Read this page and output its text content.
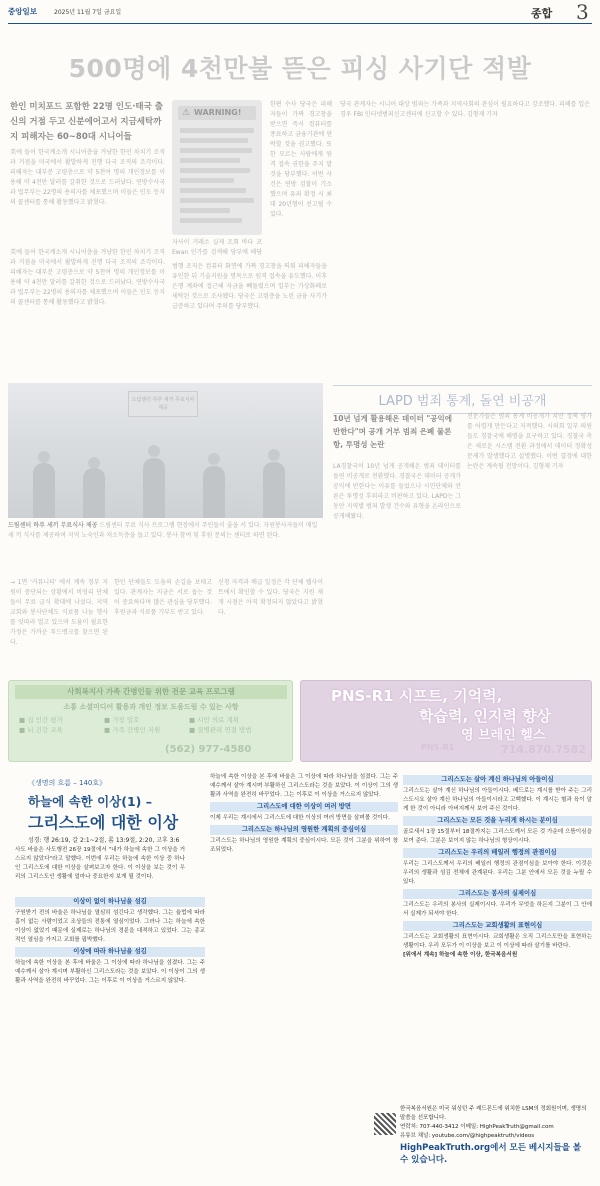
중앙일보	2025년 11월 7일 금요일	종합 3
500명에 4천만불 뜯은 피싱 사기단 적발
한인 미치포드 포함한 22명 인도·태국 출신의 거점 두고 신분에어고서 지금세탁까지 피해자는 60~80대 시니어들
美에 들어 한국계소개 시니어층을 겨냥한 한인 차치기 조직과 거점을 미국에서 활발하게 진행 다국 조직의 조각이다. 피해자는 대부분 고령층으로 약 5천여 명의 개인정보를 이용해 약 4천만 달러를 갈취한 것으로 드러났다. 연방수사국과 법무부는 22명의 용의자를 체포했으며 이들은 인도 등지의 콜센터를 통해 활동했다고 밝혔다.
⚠ WARNING!
자사이 거래소 실제 조회 바다 코 Ewan 인가를 검색해 당부에 해당
범행 조직은 컴퓨터 화면에 가짜 경고창을 띄워 피해자들을 유인한 뒤 기술지원을 명목으로 원격 접속을 유도했다. 이후 은행 계좌에 접근해 자금을 빼돌렸으며 일부는 가상화폐로 세탁된 것으로 조사됐다. 당국은 고령층을 노린 금융 사기가 급증하고 있다며 주의를 당부했다.
한편 수사 당국은 피해자들이 가짜 경고창을 받으면 즉시 컴퓨터를 종료하고 금융기관에 연락할 것을 권고했다. 또한 모르는 사람에게 원격 접속 권한을 주지 말 것을 당부했다. 이번 사건은 연방 검찰이 기소했으며 유죄 확정 시 최대 20년형이 선고될 수 있다.
당국 관계자는 시니어 대상 범죄는 가족과 지역사회의 관심이 필요하다고 강조했다. 피해를 입은 경우 FBI 인터넷범죄신고센터에 신고할 수 있다. 김형재 기자
美에 들어 한국계소개 시니어층을 겨냥한 한인 차치기 조직과 거점을 미국에서 활발하게 진행 다국 조직의 조각이다. 피해자는 대부분 고령층으로 약 5천여 명의 개인정보를 이용해 약 4천만 달러를 갈취한 것으로 드러났다. 연방수사국과 법무부는 22명의 용의자를 체포했으며 이들은 인도 등지의 콜센터를 통해 활동했다고 밝혔다.
드림센터 하루 세끼 무료식사 제공
드림센터 하루 세끼 무료식사 제공 드림센터 무료 식사 프로그램 현장에서 주민들이 줄을 서 있다. 자원봉사자들이 매일 세 끼 식사를 제공하며 지역 노숙인과 저소득층을 돕고 있다. 봉사 참여 및 후원 문의는 센터로 하면 된다.
→ 1면 '커뮤니티' 에서 계속 정부 지원이 중단되는 상황에서 비영리 단체들이 무료 급식 확대에 나섰다. 지역 교회와 봉사단체도 식료품 나눔 행사를 잇따라 열고 있으며 도움이 필요한 가정은 가까운 푸드뱅크를 찾으면 된다.
한인 단체들도 도움의 손길을 보태고 있다. 관계자는 지금은 서로 돕는 것이 중요하다며 많은 관심을 당부했다. 후원금과 식료품 기부도 받고 있다.
신청 자격과 배급 일정은 각 단체 웹사이트에서 확인할 수 있다. 당국은 지원 재개 시점은 아직 확정되지 않았다고 밝혔다.
LAPD 범죄 통계, 돌연 비공개
10년 넘게 활용해온 데이터 "공익에 반한다"며 공개 거부 범죄 은폐 물론항, 투명성 논란
LA경찰국이 10년 넘게 공개해온 범죄 데이터를 돌연 비공개로 전환했다. 경찰국은 데이터 공개가 공익에 반한다는 이유를 들었으나 시민단체와 언론은 투명성 후퇴라고 비판하고 있다. LAPD는 그동안 지역별 범죄 발생 건수와 유형을 온라인으로 공개해왔다.
전문가들은 범죄 통계 비공개가 치안 정책 평가를 어렵게 만든다고 지적했다. 시의회 일부 의원들도 경찰국에 해명을 요구하고 있다. 경찰국 측은 새로운 시스템 전환 과정에서 데이터 정확성 문제가 발생했다고 설명했다. 이번 결정에 대한 논란은 계속될 전망이다. 김형재 기자
사회복지사 가족 간병인들 위한 전문 교육 프로그램
소통 소셜미디어 활용과 개인 정보 도움드림 수 있는 사항
■ 집 인간 평가	■ 가장 엄호	■ 시민 의료 계획
■ 뇌 건강 교육	■ 가족 간병인 지원	■ 질병관리 연결 방법
(562) 977-4580
PNS-R1 시프트, 기억력,
학습력, 인지력 향상
영 브레인 헬스
PNS-R1	714.870.7582
《생명의 흐름 – 140호》
하늘에 속한 이상(1) –
그리스도에 대한 이상
성경: 행 26:19, 갈 2:1~2절, 롬 13:9절, 2:20, 고후 3:6
사도 바울은 사도행전 26장 19절에서 "내가 하늘에 속한 그 이상을 거스르지 않았다"라고 말했다. 이번에 우리는 하늘에 속한 이상 중 하나인 그리스도에 대한 이상을 살펴보고자 한다. 이 이상을 보는 것이 우리의 그리스도인 생활에 얼마나 중요한지 보게 될 것이다.
이상이 없이 하나님을 섬김
구원받기 전의 바울은 하나님을 열심히 섬긴다고 생각했다. 그는 율법에 따라 흠이 없는 사람이었고 조상들의 전통에 열심이었다. 그러나 그는 하늘에 속한 이상이 없었기 때문에 실제로는 하나님의 경륜을 대적하고 있었다. 그는 종교적인 열심을 가지고 교회를 핍박했다.
이상에 따라 하나님을 섬김
하늘에 속한 이상을 본 후에 바울은 그 이상에 따라 하나님을 섬겼다. 그는 주 예수께서 살아 계시며 부활하신 그리스도라는 것을 보았다. 이 이상이 그의 생활과 사역을 완전히 바꾸었다. 그는 이후로 이 이상을 거스르지 않았다.
하늘에 속한 이상을 본 후에 바울은 그 이상에 따라 하나님을 섬겼다. 그는 주 예수께서 살아 계시며 부활하신 그리스도라는 것을 보았다. 이 이상이 그의 생활과 사역을 완전히 바꾸었다. 그는 이후로 이 이상을 거스르지 않았다.
그리스도에 대한 이상이 여러 방면
이제 우리는 계시에서 그리스도에 대한 이상의 여러 방면을 살펴볼 것이다.
그리스도는 하나님의 영원한 계획의 중심이심
그리스도는 하나님의 영원한 계획의 중심이시다. 모든 것이 그분을 위하여 창조되었다.
그리스도는 살아 계신 하나님의 아들이심
그리스도는 살아 계신 하나님의 아들이시다. 베드로는 계시를 받아 주는 그리스도시요 살아 계신 하나님의 아들이시라고 고백했다. 이 계시는 혈과 육이 알게 한 것이 아니라 아버지께서 보여 주신 것이다.
그리스도는 모든 것을 누리게 하시는 분이심
골로새서 1장 15절부터 18절까지는 그리스도께서 모든 것 가운데 으뜸이심을 보여 준다. 그분은 보이지 않는 하나님의 형상이시다.
그리스도는 우리의 배일러 행정의 관점이심
우리는 그리스도께서 우리의 배일러 행정의 관점이심을 보아야 한다. 이것은 우리의 생활과 섬김 전체에 관계된다. 우리는 그분 안에서 모든 것을 누릴 수 있다.
그리스도는 봉사의 실제이심
그리스도는 우리의 봉사의 실제이시다. 우리가 무엇을 하든지 그분이 그 안에서 실제가 되셔야 한다.
그리스도는 교회생활의 표현이심
그리스도는 교회생활의 표현이시다. 교회생활은 오직 그리스도만을 표현하는 생활이다. 우리 모두가 이 이상을 보고 이 이상에 따라 살기를 바란다.
[위에서 계속] 하늘에 속한 이상, 한국복음서원
한국복음서원은 미국 워싱턴 주 레드몬드에 위치한 LSM의 정회원이며, 생명의 말씀을 선포합니다.
연락처: 707-440-3412 이메일: HighPeakTruth@gmail.com
유튜브 채널: youtube.com/@highpeaktruth/videos
HighPeakTruth.org에서 모든 베시지들을 볼 수 있습니다.
